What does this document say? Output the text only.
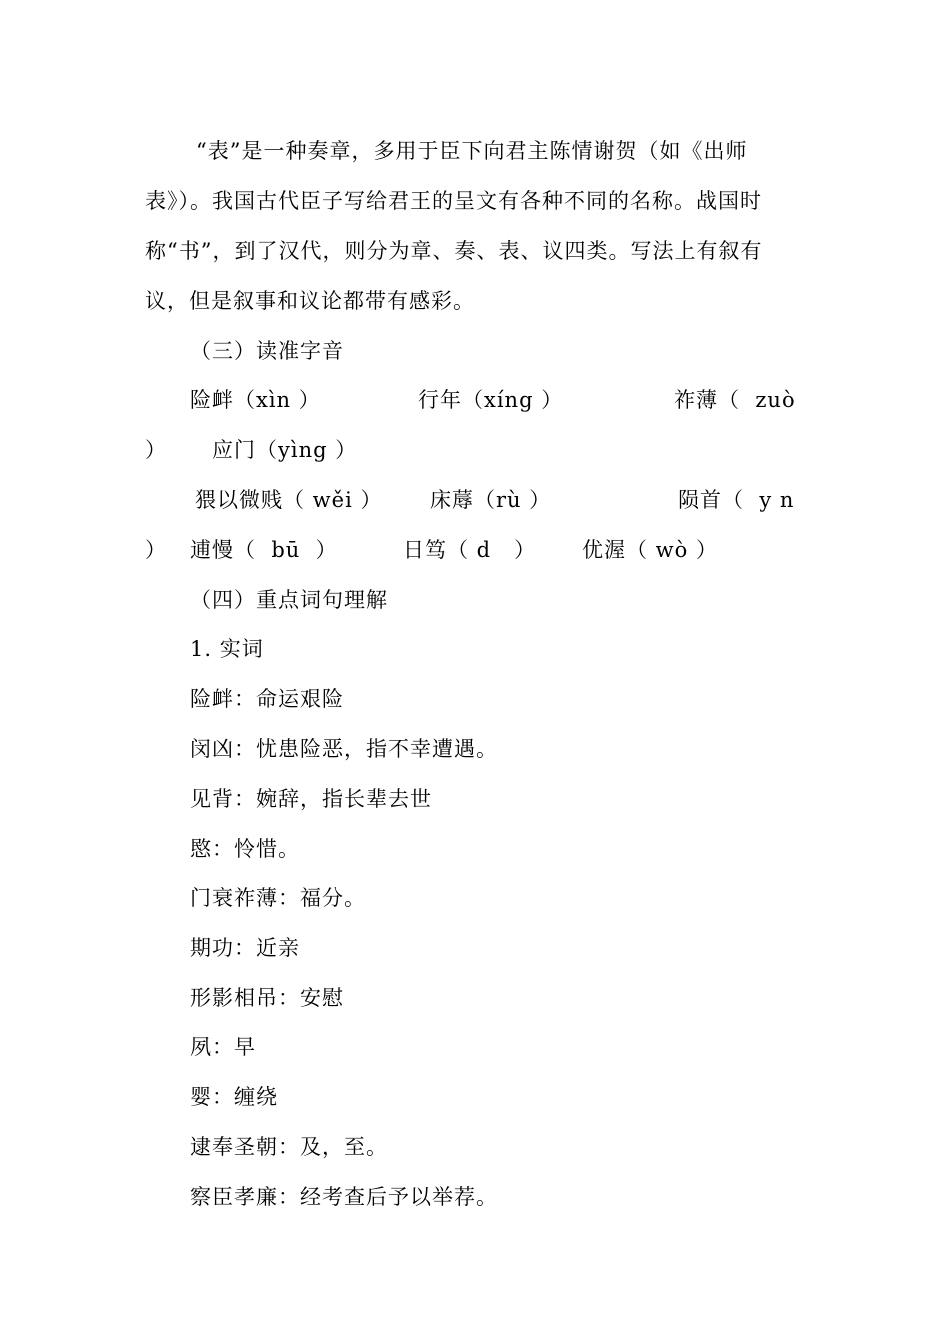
“表”是一种奏章，多用于臣下向君主陈情谢贺（如《出师
表》）。我国古代臣子写给君王的呈文有各种不同的名称。战国时
称“书”，到了汉代，则分为章、奏、表、议四类。写法上有叙有
议，但是叙事和议论都带有感彩。
（三）读准字音
险衅（xìn ）	行年（xíng ）	祚薄（  zuò
） 应门（yìng ）
猥以微贱（ wěi ） 床蓐（rù ）	陨首（  y n
） 逋慢（  bū  ）	日笃（ d   ） 优渥（ wò ）
（四）重点词句理解
1. 实词
险衅：命运艰险
闵凶：忧患险恶，指不幸遭遇。
见背：婉辞，指长辈去世
愍：怜惜。
门衰祚薄：福分。
期功：近亲
形影相吊：安慰
夙：早
婴：缠绕
逮奉圣朝：及，至。
察臣孝廉：经考查后予以举荐。
